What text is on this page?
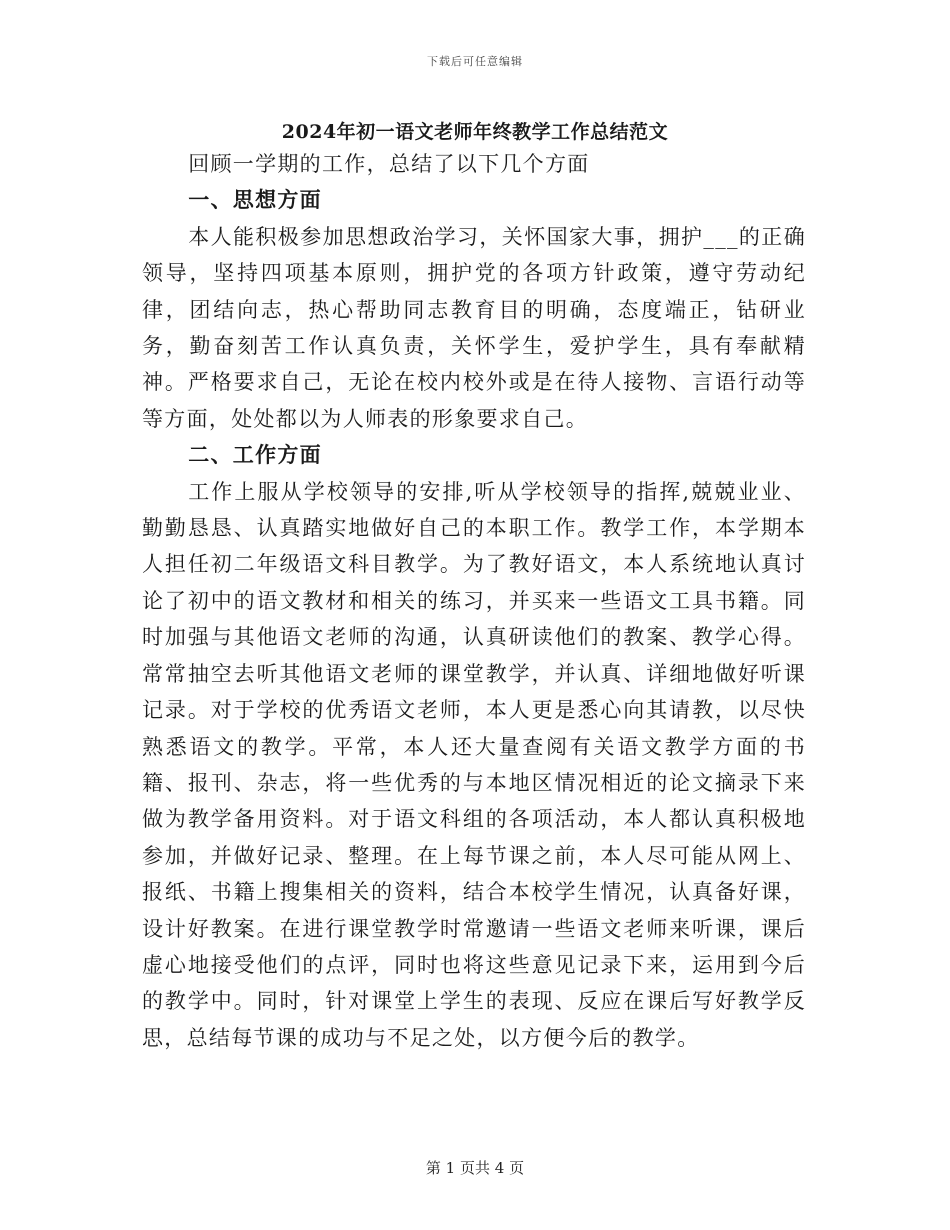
下载后可任意编辑
2024年初一语文老师年终教学工作总结范文

回顾一学期的工作，总结了以下几个方面

一、思想方面

本人能积极参加思想政治学习，关怀国家大事，拥护___的正确领导，坚持四项基本原则，拥护党的各项方针政策，遵守劳动纪律，团结向志，热心帮助同志教育目的明确，态度端正，钻研业务，勤奋刻苦工作认真负责，关怀学生，爱护学生，具有奉献精神。严格要求自己，无论在校内校外或是在待人接物、言语行动等等方面，处处都以为人师表的形象要求自己。

二、工作方面

工作上服从学校领导的安排,听从学校领导的指挥,兢兢业业、勤勤恳恳、认真踏实地做好自己的本职工作。教学工作，本学期本人担任初二年级语文科目教学。为了教好语文，本人系统地认真讨论了初中的语文教材和相关的练习，并买来一些语文工具书籍。同时加强与其他语文老师的沟通，认真研读他们的教案、教学心得。常常抽空去听其他语文老师的课堂教学，并认真、详细地做好听课记录。对于学校的优秀语文老师，本人更是悉心向其请教，以尽快熟悉语文的教学。平常，本人还大量查阅有关语文教学方面的书籍、报刊、杂志，将一些优秀的与本地区情况相近的论文摘录下来做为教学备用资料。对于语文科组的各项活动，本人都认真积极地参加，并做好记录、整理。在上每节课之前，本人尽可能从网上、报纸、书籍上搜集相关的资料，结合本校学生情况，认真备好课，设计好教案。在进行课堂教学时常邀请一些语文老师来听课，课后虚心地接受他们的点评，同时也将这些意见记录下来，运用到今后的教学中。同时，针对课堂上学生的表现、反应在课后写好教学反思，总结每节课的成功与不足之处，以方便今后的教学。

第 1 页共 4 页
